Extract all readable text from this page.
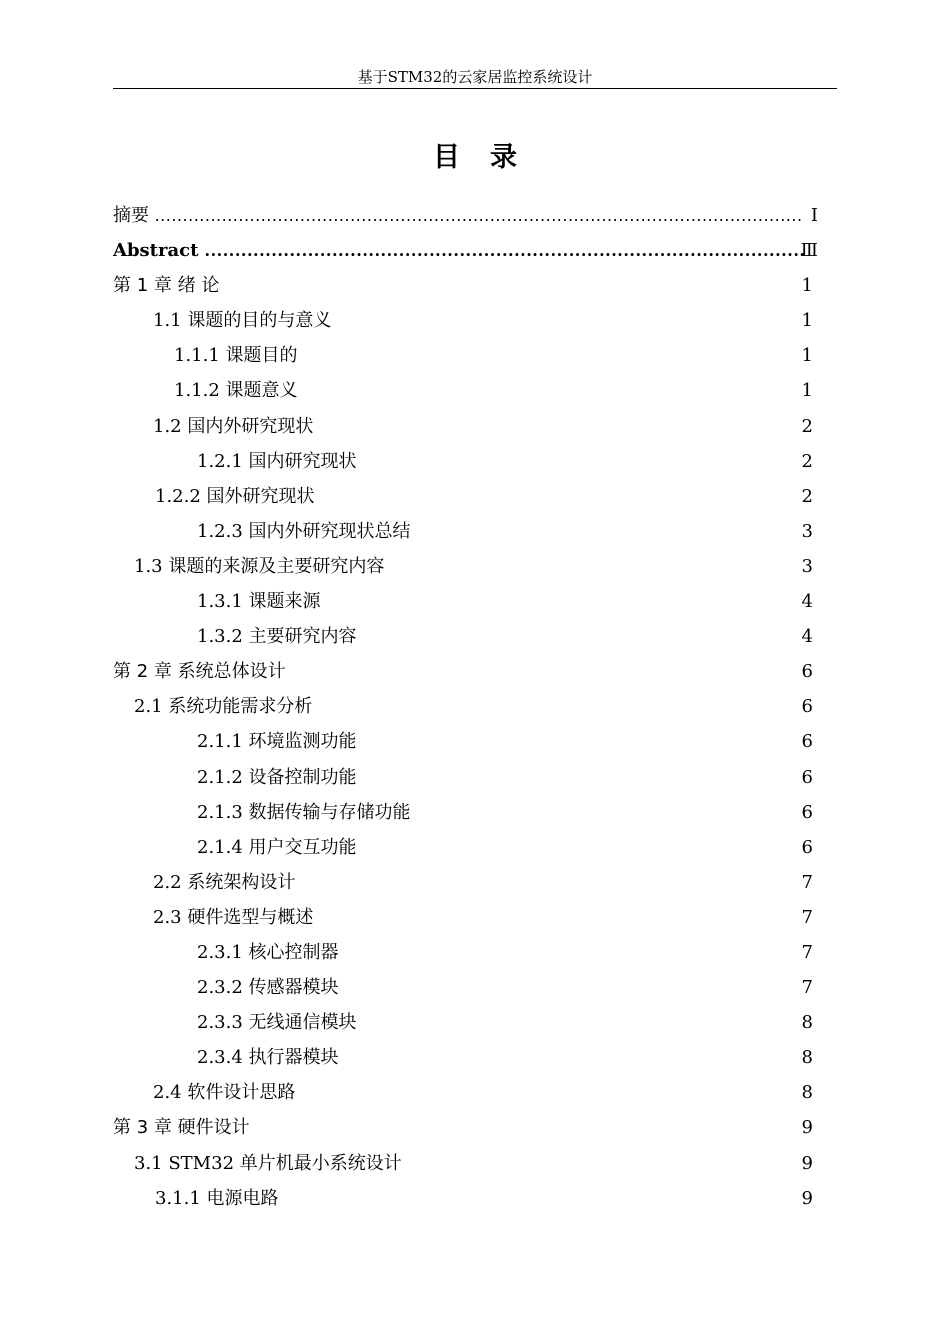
基于STM32的云家居监控系统设计
目录
摘要 .....	I
Abstract .....	Ⅲ
第 1 章 绪 论	1
1.1 课题的目的与意义	1
1.1.1 课题目的	1
1.1.2 课题意义	1
1.2 国内外研究现状	2
1.2.1 国内研究现状	2
1.2.2 国外研究现状	2
1.2.3 国内外研究现状总结	3
1.3 课题的来源及主要研究内容	3
1.3.1 课题来源	4
1.3.2 主要研究内容	4
第 2 章 系统总体设计	6
2.1 系统功能需求分析	6
2.1.1 环境监测功能	6
2.1.2 设备控制功能	6
2.1.3 数据传输与存储功能	6
2.1.4 用户交互功能	6
2.2 系统架构设计	7
2.3 硬件选型与概述	7
2.3.1 核心控制器	7
2.3.2 传感器模块	7
2.3.3 无线通信模块	8
2.3.4 执行器模块	8
2.4 软件设计思路	8
第 3 章 硬件设计	9
3.1 STM32 单片机最小系统设计	9
3.1.1 电源电路	9
